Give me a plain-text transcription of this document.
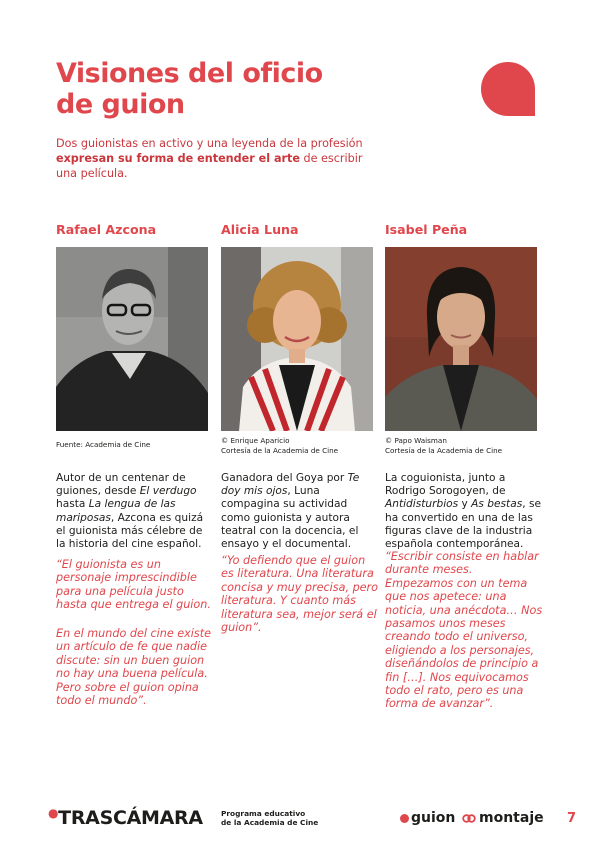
Visiones del oficio
de guion

Dos guionistas en activo y una leyenda de la profesión expresan su forma de entender el arte de escribir una película.

Rafael Azcona
Fuente: Academia de Cine

Autor de un centenar de guiones, desde El verdugo hasta La lengua de las mariposas, Azcona es quizá el guionista más célebre de la historia del cine español.

“El guionista es un personaje imprescindible para una película justo hasta que entrega el guion.

En el mundo del cine existe un artículo de fe que nadie discute: sin un buen guion no hay una buena película. Pero sobre el guion opina todo el mundo”.

Alicia Luna
© Enrique Aparicio
Cortesía de la Academia de Cine

Ganadora del Goya por Te doy mis ojos, Luna compagina su actividad como guionista y autora teatral con la docencia, el ensayo y el documental.

“Yo defiendo que el guion es literatura. Una literatura concisa y muy precisa, pero literatura. Y cuanto más literatura sea, mejor será el guion”.

Isabel Peña
© Papo Waisman
Cortesía de la Academia de Cine

La coguionista, junto a Rodrigo Sorogoyen, de Antidisturbios y As bestas, se ha convertido en una de las figuras clave de la industria española contemporánea.

“Escribir consiste en hablar durante meses. Empezamos con un tema que nos apetece: una noticia, una anécdota… Nos pasamos unos meses creando todo el universo, eligiendo a los personajes, diseñándolos de principio a fin […]. Nos equivocamos todo el rato, pero es una forma de avanzar”.

●TRASCÁMARA Programa educativo
de la Academia de Cine	guion montaje 7
